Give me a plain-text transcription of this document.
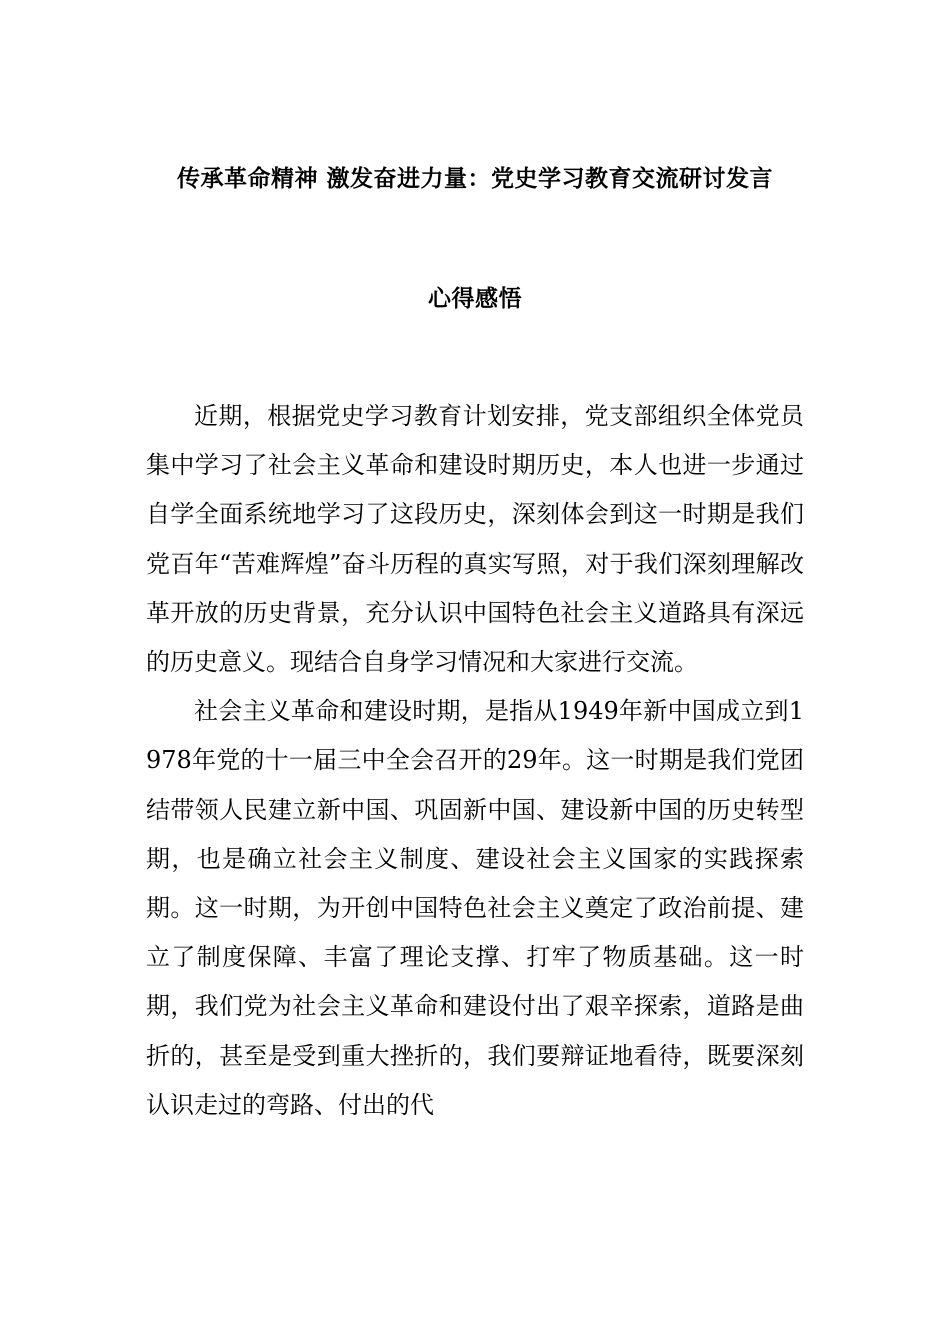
传承革命精神 激发奋进力量：党史学习教育交流研讨发言
心得感悟

近期，根据党史学习教育计划安排，党支部组织全体党员集中学习了社会主义革命和建设时期历史，本人也进一步通过自学全面系统地学习了这段历史，深刻体会到这一时期是我们党百年“苦难辉煌”奋斗历程的真实写照，对于我们深刻理解改革开放的历史背景，充分认识中国特色社会主义道路具有深远的历史意义。现结合自身学习情况和大家进行交流。

社会主义革命和建设时期，是指从1949年新中国成立到1978年党的十一届三中全会召开的29年。这一时期是我们党团结带领人民建立新中国、巩固新中国、建设新中国的历史转型期，也是确立社会主义制度、建设社会主义国家的实践探索期。这一时期，为开创中国特色社会主义奠定了政治前提、建立了制度保障、丰富了理论支撑、打牢了物质基础。这一时期，我们党为社会主义革命和建设付出了艰辛探索，道路是曲折的，甚至是受到重大挫折的，我们要辩证地看待，既要深刻认识走过的弯路、付出的代
